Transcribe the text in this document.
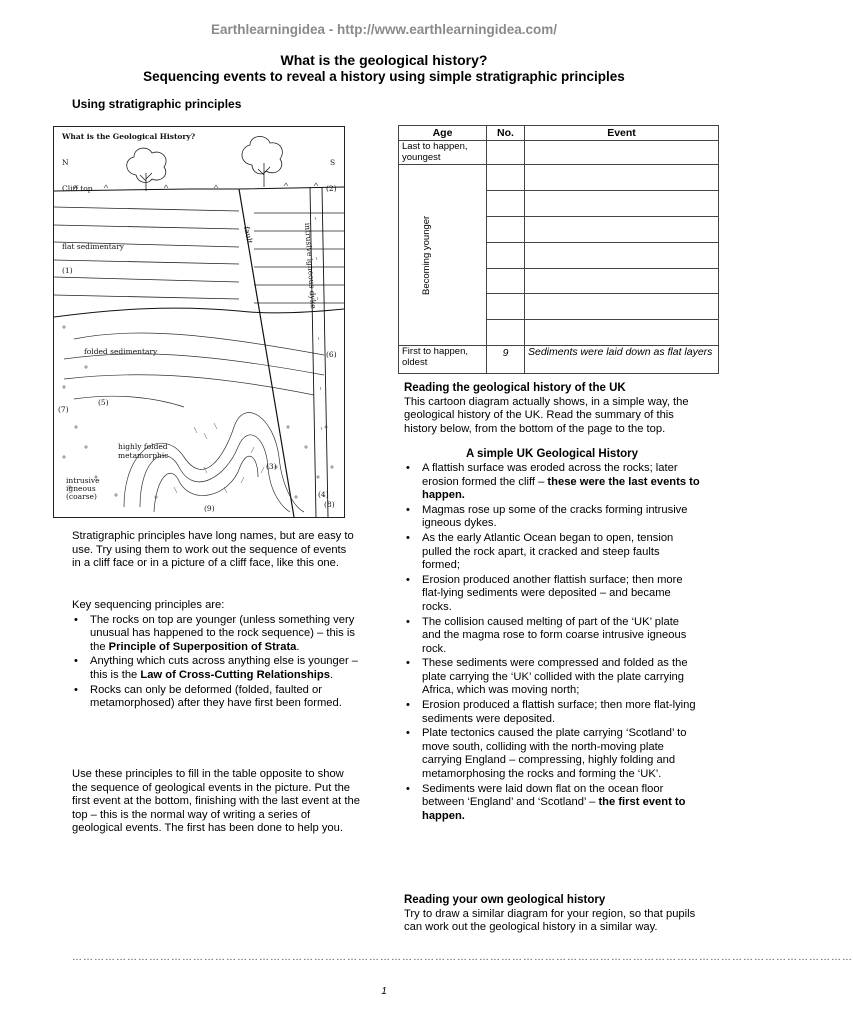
Earthlearningidea - http://www.earthlearningidea.com/
What is the geological history?
Sequencing events to reveal a history using simple stratigraphic principles
Using stratigraphic principles
What is the Geological History?
N	S
Cliff top	(2)
flat sedimentary
(1)
folded sedimentary	(6)
(5)
(7)
highly folded
metamorphic
(3)
intrusive
igneous
(coarse)	(4)
(8)
(9)
fault	intrusive igneous dyke

Stratigraphic principles have long names, but are easy to use. Try using them to work out the sequence of events in a cliff face or in a picture of a cliff face, like this one.

Key sequencing principles are:

• The rocks on top are younger (unless something very unusual has happened to the rock sequence) – this is the Principle of Superposition of Strata.
• Anything which cuts across anything else is younger – this is the Law of Cross-Cutting Relationships.
• Rocks can only be deformed (folded, faulted or metamorphosed) after they have first been formed.

Use these principles to fill in the table opposite to show the sequence of geological events in the picture. Put the first event at the bottom, finishing with the last event at the top – this is the normal way of writing a series of geological events. The first has been done to help you.

Age	No.	Event
Last to happen, youngest		

Becoming younger		

First to happen, oldest	9	Sediments were laid down as flat layers

Reading the geological history of the UK

This cartoon diagram actually shows, in a simple way, the geological history of the UK. Read the summary of this history below, from the bottom of the page to the top.

A simple UK Geological History

• A flattish surface was eroded across the rocks; later erosion formed the cliff – these were the last events to happen.
• Magmas rose up some of the cracks forming intrusive igneous dykes.
• As the early Atlantic Ocean began to open, tension pulled the rock apart, it cracked and steep faults formed;
• Erosion produced another flattish surface; then more flat-lying sediments were deposited – and became rocks.
• The collision caused melting of part of the ‘UK’ plate and the magma rose to form coarse intrusive igneous rock.
• These sediments were compressed and folded as the plate carrying the ‘UK’ collided with the plate carrying Africa, which was moving north;
• Erosion produced a flattish surface; then more flat-lying sediments were deposited.
• Plate tectonics caused the plate carrying ‘Scotland’ to move south, colliding with the north-moving plate carrying England – compressing, highly folding and metamorphosing the rocks and forming the ‘UK’.
• Sediments were laid down flat on the ocean floor between ‘England’ and ‘Scotland’ – the first event to happen.

Reading your own geological history

Try to draw a similar diagram for your region, so that pupils can work out the geological history in a similar way.

……………………………………………………………………………………………………………………………………………………………………………………………
1
